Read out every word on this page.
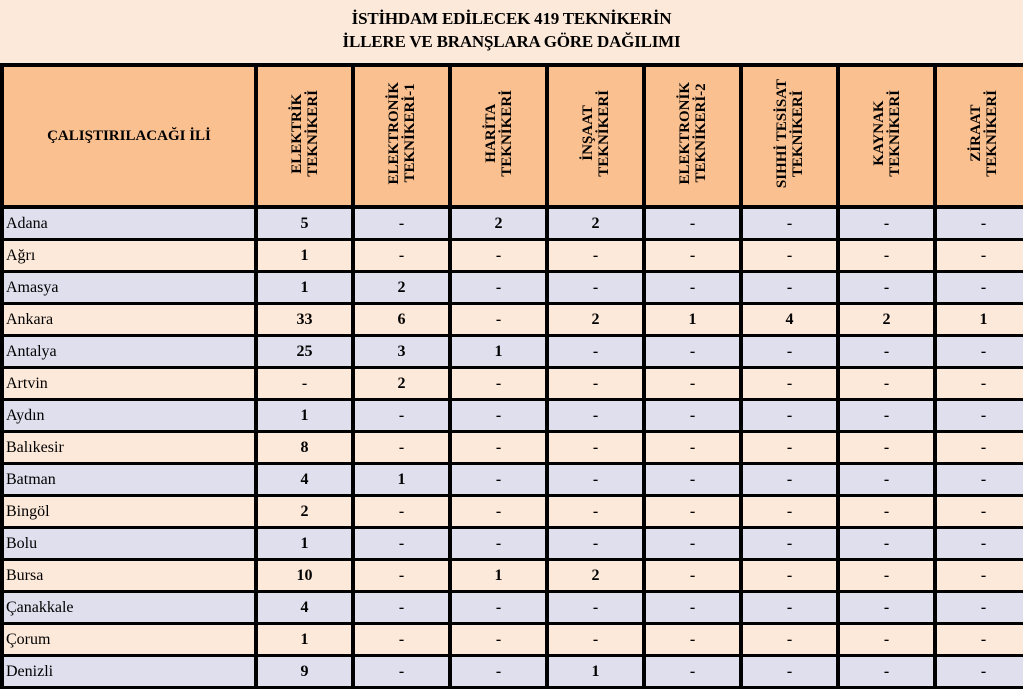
İSTİHDAM EDİLECEK 419 TEKNİKERİN
İLLERE VE BRANŞLARA GÖRE DAĞILIMI
ÇALIŞTIRILACAĞI İLİ	ELEKTRİK TEKNİKERİ	ELEKTRONİK TEKNİKERİ-1	HARİTA TEKNİKERİ	İNŞAAT TEKNİKERİ	ELEKTRONİK TEKNİKERİ-2	SIHHİ TESİSAT TEKNİKERİ	KAYNAK TEKNİKERİ	ZİRAAT TEKNİKERİ

Adana	5	-	2	2	-	-	-	-
Ağrı	1	-	-	-	-	-	-	-
Amasya	1	2	-	-	-	-	-	-
Ankara	33	6	-	2	1	4	2	1
Antalya	25	3	1	-	-	-	-	-
Artvin	-	2	-	-	-	-	-	-
Aydın	1	-	-	-	-	-	-	-
Balıkesir	8	-	-	-	-	-	-	-
Batman	4	1	-	-	-	-	-	-
Bingöl	2	-	-	-	-	-	-	-
Bolu	1	-	-	-	-	-	-	-
Bursa	10	-	1	2	-	-	-	-
Çanakkale	4	-	-	-	-	-	-	-
Çorum	1	-	-	-	-	-	-	-
Denizli	9	-	-	1	-	-	-	-
